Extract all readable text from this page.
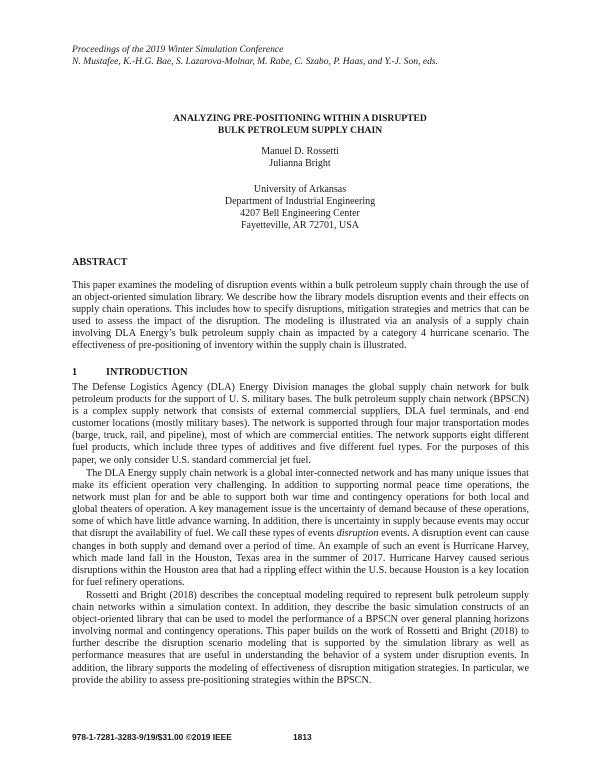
Proceedings of the 2019 Winter Simulation Conference
N. Mustafee, K.-H.G. Bae, S. Lazarova-Molnar, M. Rabe, C. Szabo, P. Haas, and Y.-J. Son, eds.
ANALYZING PRE-POSITIONING WITHIN A DISRUPTED
BULK PETROLEUM SUPPLY CHAIN
Manuel D. Rossetti
Julianna Bright
University of Arkansas
Department of Industrial Engineering
4207 Bell Engineering Center
Fayetteville, AR 72701, USA
ABSTRACT
This paper examines the modeling of disruption events within a bulk petroleum supply chain through the use of an object-oriented simulation library. We describe how the library models disruption events and their effects on supply chain operations. This includes how to specify disruptions, mitigation strategies and metrics that can be used to assess the impact of the disruption. The modeling is illustrated via an analysis of a supply chain involving DLA Energy’s bulk petroleum supply chain as impacted by a category 4 hurricane scenario. The effectiveness of pre-positioning of inventory within the supply chain is illustrated.
1	INTRODUCTION
The Defense Logistics Agency (DLA) Energy Division manages the global supply chain network for bulk petroleum products for the support of U. S. military bases. The bulk petroleum supply chain network (BPSCN) is a complex supply network that consists of external commercial suppliers, DLA fuel terminals, and end customer locations (mostly military bases). The network is supported through four major transportation modes (barge, truck, rail, and pipeline), most of which are commercial entities. The network supports eight different fuel products, which include three types of additives and five different fuel types. For the purposes of this paper, we only consider U.S. standard commercial jet fuel.
The DLA Energy supply chain network is a global inter-connected network and has many unique issues that make its efficient operation very challenging. In addition to supporting normal peace time operations, the network must plan for and be able to support both war time and contingency operations for both local and global theaters of operation. A key management issue is the uncertainty of demand because of these operations, some of which have little advance warning. In addition, there is uncertainty in supply because events may occur that disrupt the availability of fuel. We call these types of events disruption events. A disruption event can cause changes in both supply and demand over a period of time. An example of such an event is Hurricane Harvey, which made land fall in the Houston, Texas area in the summer of 2017. Hurricane Harvey caused serious disruptions within the Houston area that had a rippling effect within the U.S. because Houston is a key location for fuel refinery operations.
Rossetti and Bright (2018) describes the conceptual modeling required to represent bulk petroleum supply chain networks within a simulation context. In addition, they describe the basic simulation constructs of an object-oriented library that can be used to model the performance of a BPSCN over general planning horizons involving normal and contingency operations. This paper builds on the work of Rossetti and Bright (2018) to further describe the disruption scenario modeling that is supported by the simulation library as well as performance measures that are useful in understanding the behavior of a system under disruption events. In addition, the library supports the modeling of effectiveness of disruption mitigation strategies. In particular, we provide the ability to assess pre-positioning strategies within the BPSCN.
978-1-7281-3283-9/19/$31.00 ©2019 IEEE	1813
